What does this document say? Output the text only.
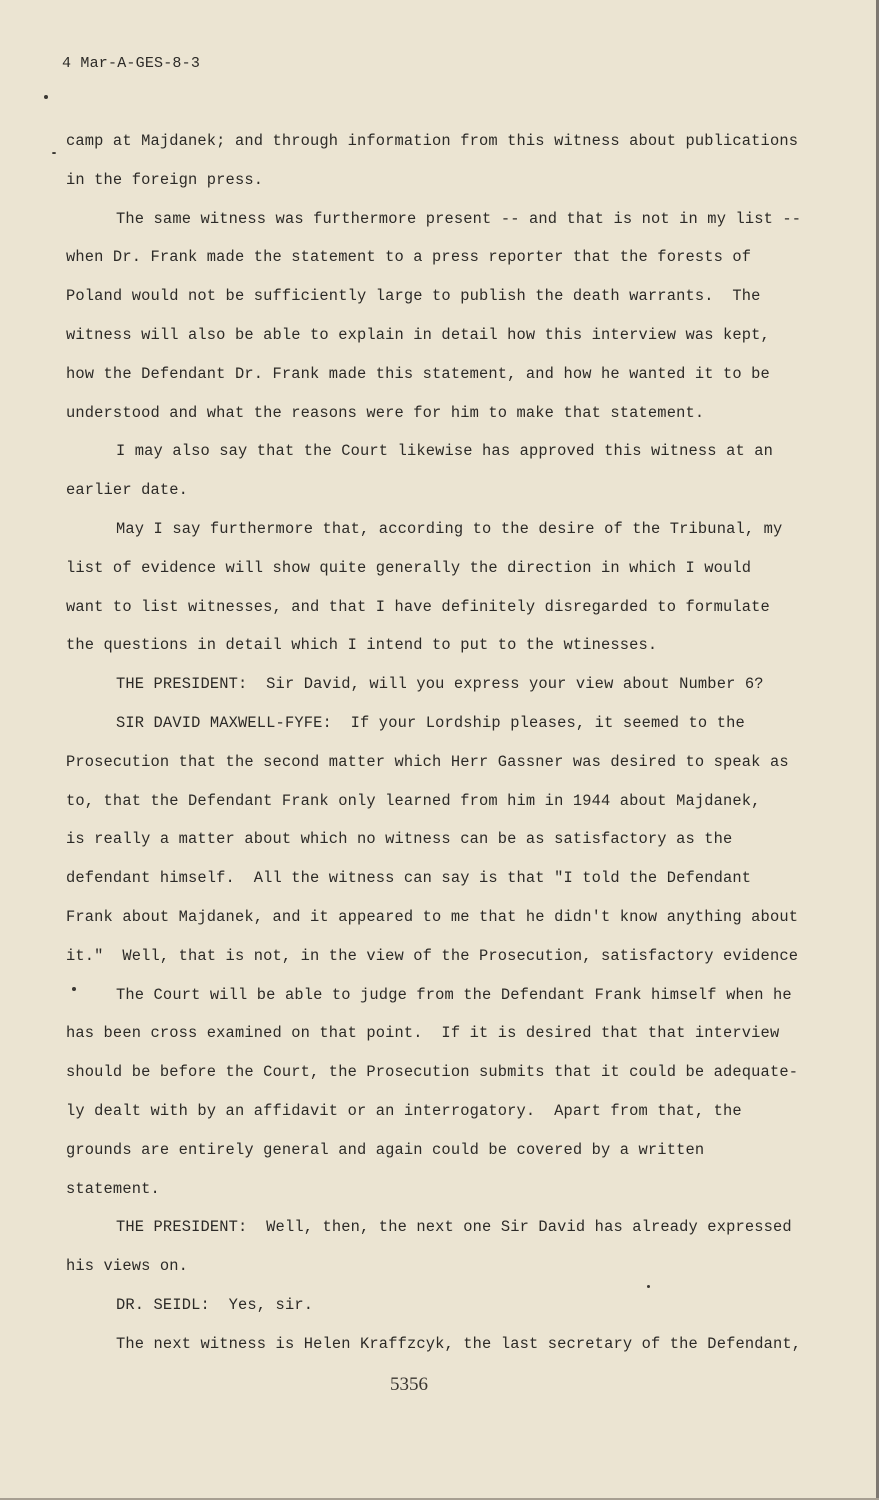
4 Mar-A-GES-8-3
camp at Majdanek; and through information from this witness about publications
in the foreign press.
The same witness was furthermore present -- and that is not in my list --
when Dr. Frank made the statement to a press reporter that the forests of
Poland would not be sufficiently large to publish the death warrants.  The
witness will also be able to explain in detail how this interview was kept,
how the Defendant Dr. Frank made this statement, and how he wanted it to be
understood and what the reasons were for him to make that statement.
I may also say that the Court likewise has approved this witness at an
earlier date.
May I say furthermore that, according to the desire of the Tribunal, my
list of evidence will show quite generally the direction in which I would
want to list witnesses, and that I have definitely disregarded to formulate
the questions in detail which I intend to put to the wtinesses.
THE PRESIDENT:  Sir David, will you express your view about Number 6?
SIR DAVID MAXWELL-FYFE:  If your Lordship pleases, it seemed to the
Prosecution that the second matter which Herr Gassner was desired to speak as
to, that the Defendant Frank only learned from him in 1944 about Majdanek,
is really a matter about which no witness can be as satisfactory as the
defendant himself.  All the witness can say is that "I told the Defendant
Frank about Majdanek, and it appeared to me that he didn't know anything about
it."  Well, that is not, in the view of the Prosecution, satisfactory evidence
The Court will be able to judge from the Defendant Frank himself when he
has been cross examined on that point.  If it is desired that that interview
should be before the Court, the Prosecution submits that it could be adequate-
ly dealt with by an affidavit or an interrogatory.  Apart from that, the
grounds are entirely general and again could be covered by a written
statement.
THE PRESIDENT:  Well, then, the next one Sir David has already expressed
his views on.
DR. SEIDL:  Yes, sir.
The next witness is Helen Kraffzcyk, the last secretary of the Defendant,
5356
